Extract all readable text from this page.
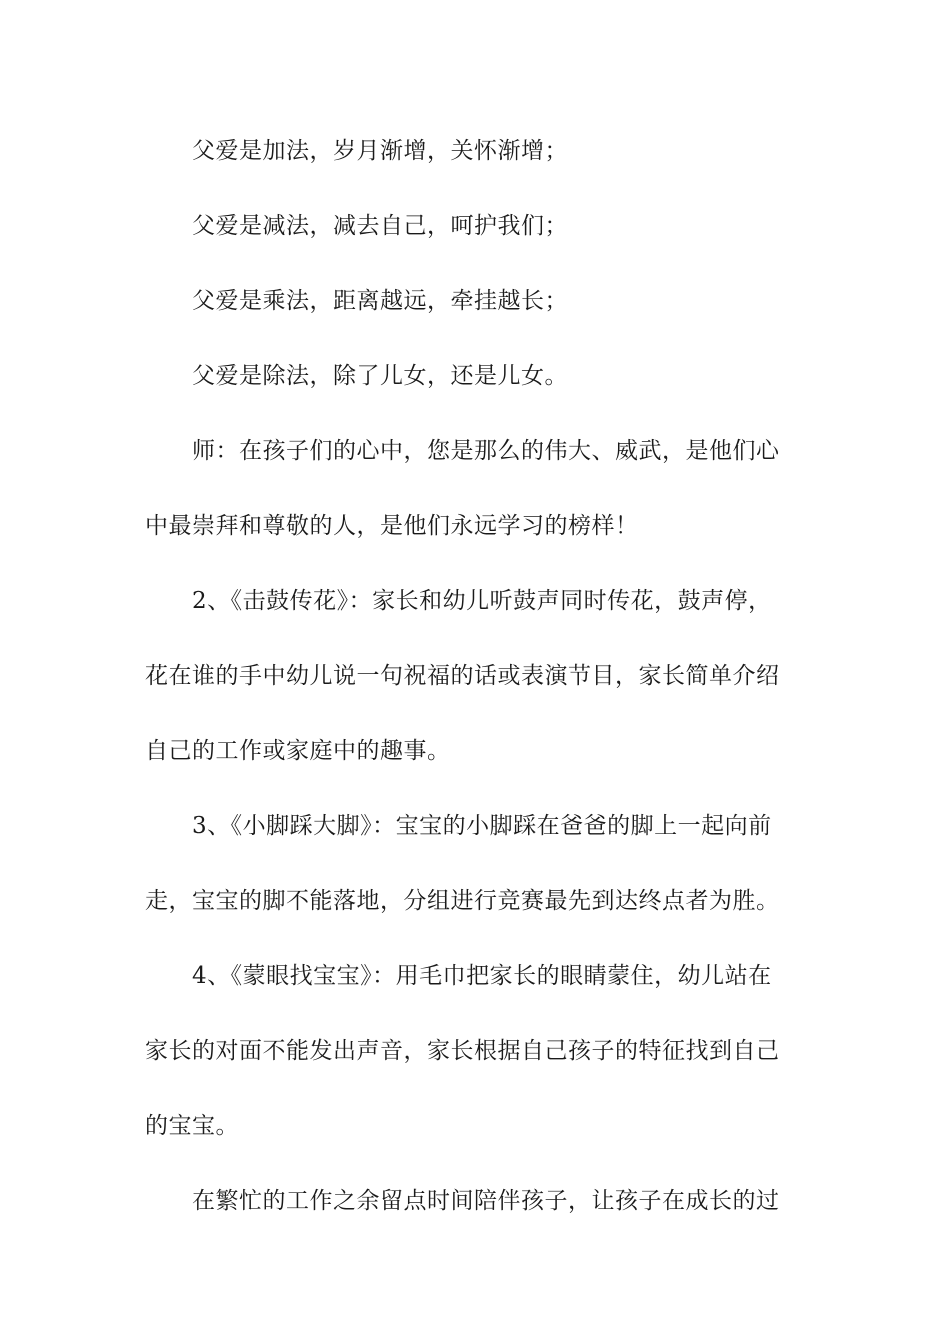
父爱是加法，岁月渐增，关怀渐增；
父爱是减法，减去自己，呵护我们；
父爱是乘法，距离越远，牵挂越长；
父爱是除法，除了儿女，还是儿女。
师：在孩子们的心中，您是那么的伟大、威武，是他们心
中最崇拜和尊敬的人，是他们永远学习的榜样！
2、《击鼓传花》：家长和幼儿听鼓声同时传花，鼓声停，
花在谁的手中幼儿说一句祝福的话或表演节目，家长简单介绍
自己的工作或家庭中的趣事。
3、《小脚踩大脚》：宝宝的小脚踩在爸爸的脚上一起向前
走，宝宝的脚不能落地，分组进行竞赛最先到达终点者为胜。
4、《蒙眼找宝宝》：用毛巾把家长的眼睛蒙住，幼儿站在
家长的对面不能发出声音，家长根据自己孩子的特征找到自己
的宝宝。
在繁忙的工作之余留点时间陪伴孩子，让孩子在成长的过
